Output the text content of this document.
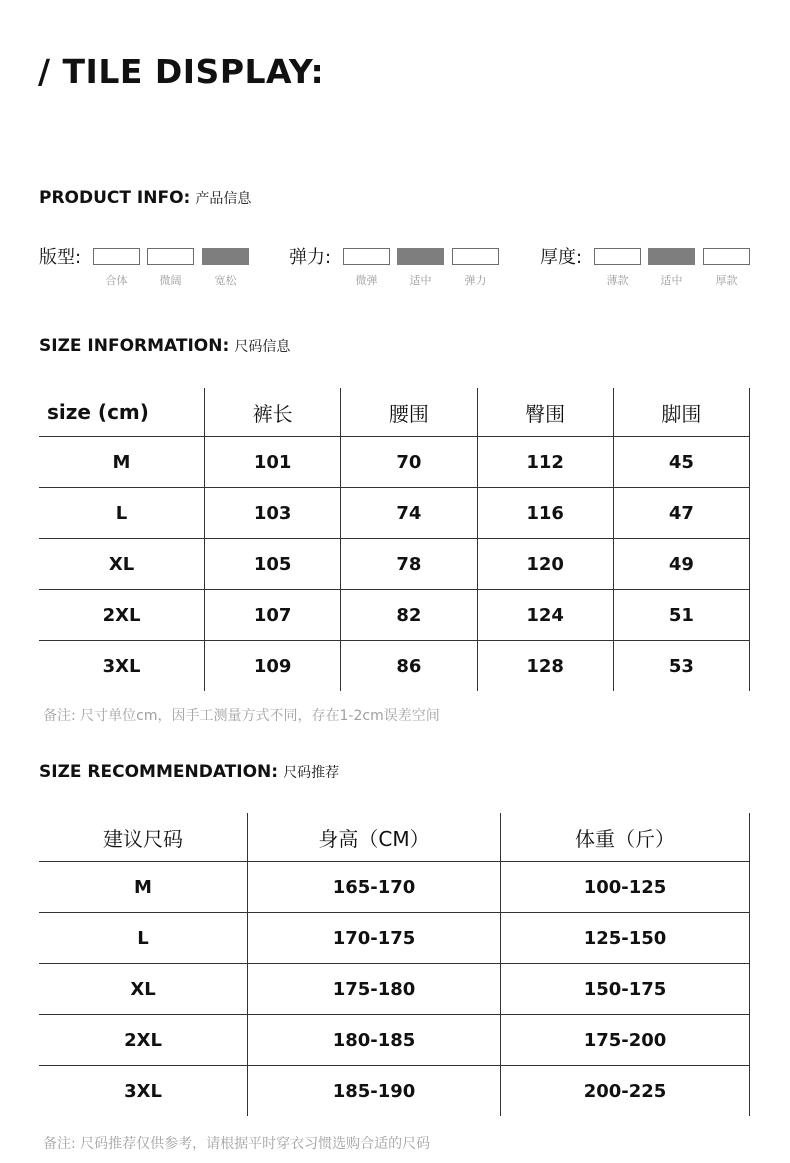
/ TILE DISPLAY:
PRODUCT INFO: 产品信息
版型:
合体	微阔	宽松
弹力:
微弹	适中	弹力
厚度:
薄款	适中	厚款
SIZE INFORMATION: 尺码信息
size (cm)	裤长	腰围	臀围	脚围
M	101	70	112	45
L	103	74	116	47
XL	105	78	120	49
2XL	107	82	124	51
3XL	109	86	128	53
备注: 尺寸单位cm，因手工测量方式不同，存在1-2cm误差空间
SIZE RECOMMENDATION: 尺码推荐
建议尺码	身高（CM）	体重（斤）
M	165-170	100-125
L	170-175	125-150
XL	175-180	150-175
2XL	180-185	175-200
3XL	185-190	200-225
备注: 尺码推荐仅供参考，请根据平时穿衣习惯选购合适的尺码
